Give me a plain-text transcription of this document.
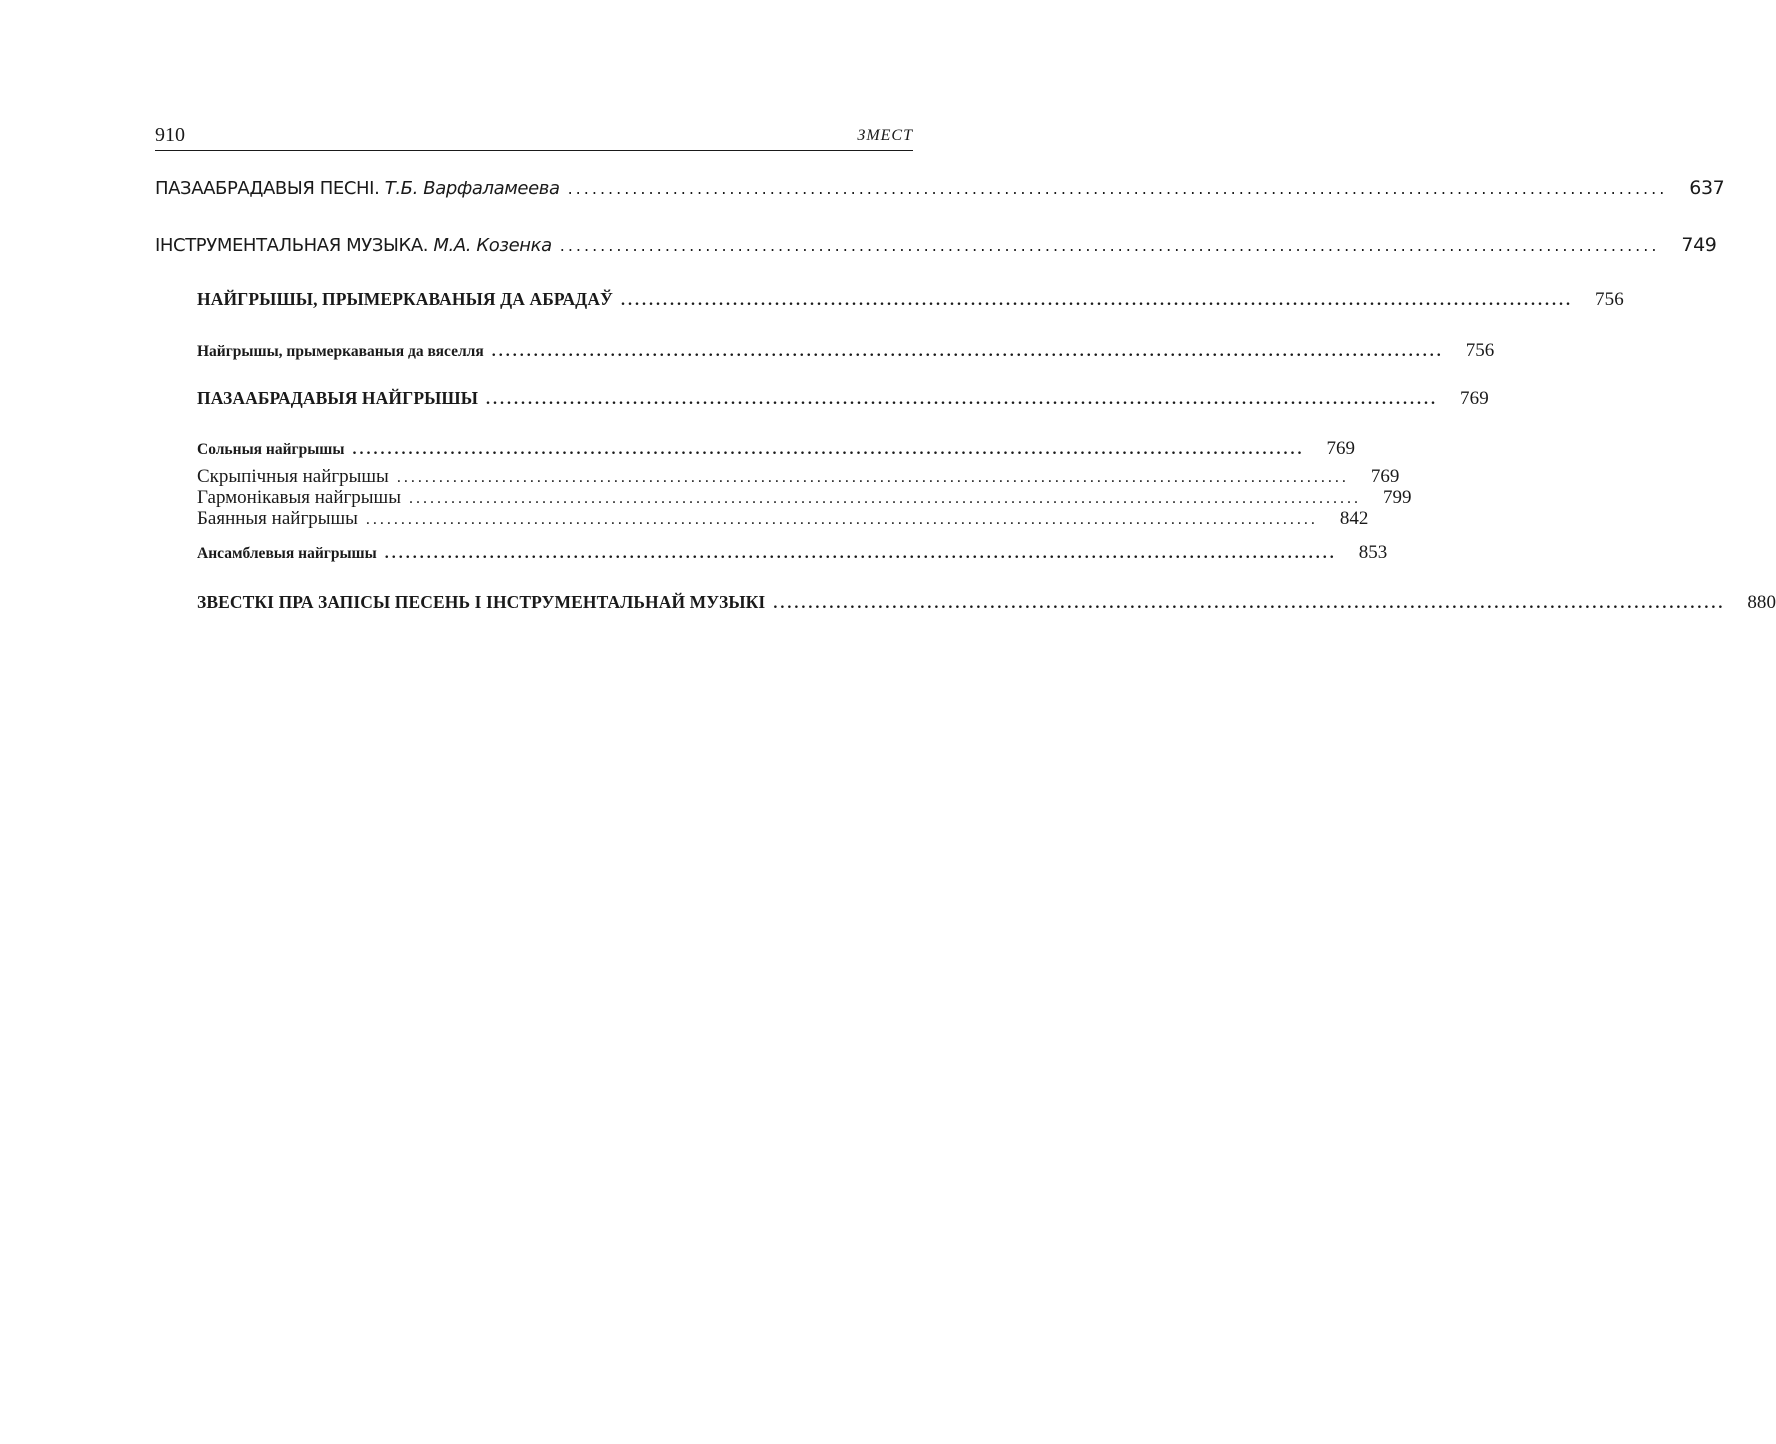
910	ЗМЕСТ
ПАЗААБРАДАВЫЯ ПЕСНІ. Т.Б. Варфаламеева ........................................................................................................................................ 637
ІНСТРУМЕНТАЛЬНАЯ МУЗЫКА. М.А. Козенка ........................................................................................................................................ 749
НАЙГРЫШЫ, ПРЫМЕРКАВАНЫЯ ДА АБРАДАЎ ........................................................................................................................................ 756
Найгрышы, прымеркаваныя да вяселля ........................................................................................................................................ 756
ПАЗААБРАДАВЫЯ НАЙГРЫШЫ ........................................................................................................................................ 769
Сольныя найгрышы ........................................................................................................................................ 769
Скрыпічныя найгрышы ........................................................................................................................................ 769
Гармонікавыя найгрышы ........................................................................................................................................ 799
Баянныя найгрышы ........................................................................................................................................ 842
Ансамблевыя найгрышы ........................................................................................................................................ 853
ЗВЕСТКІ ПРА ЗАПІСЫ ПЕСЕНЬ І ІНСТРУМЕНТАЛЬНАЙ МУЗЫКІ ........................................................................................................................................ 880
